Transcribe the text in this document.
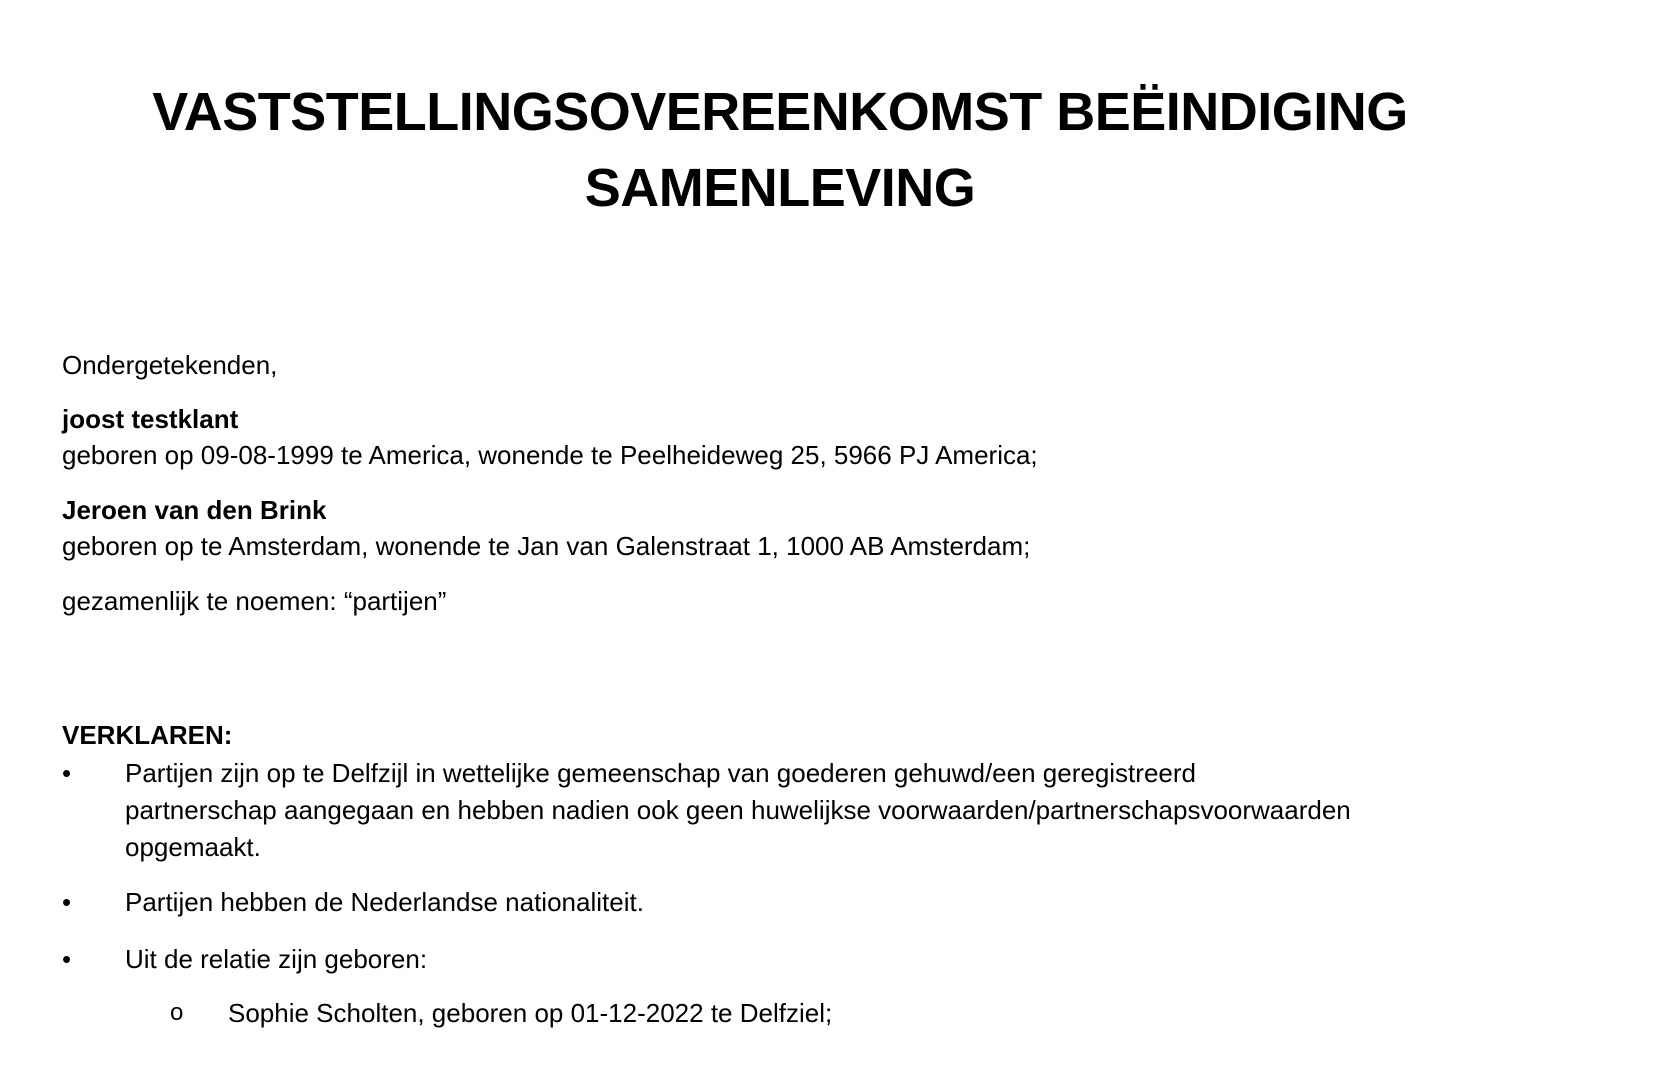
VASTSTELLINGSOVEREENKOMST BEËINDIGING
SAMENLEVING
Ondergetekenden,
joost testklant
geboren op 09-08-1999 te America, wonende te Peelheideweg 25, 5966 PJ America;
Jeroen van den Brink
geboren op te Amsterdam, wonende te Jan van Galenstraat 1, 1000 AB Amsterdam;
gezamenlijk te noemen: “partijen”
VERKLAREN:
• Partijen zijn op te Delfzijl in wettelijke gemeenschap van goederen gehuwd/een geregistreerd
partnerschap aangegaan en hebben nadien ook geen huwelijkse voorwaarden/partnerschapsvoorwaarden
opgemaakt.
• Partijen hebben de Nederlandse nationaliteit.
• Uit de relatie zijn geboren:
o Sophie Scholten, geboren op 01-12-2022 te Delfziel;
